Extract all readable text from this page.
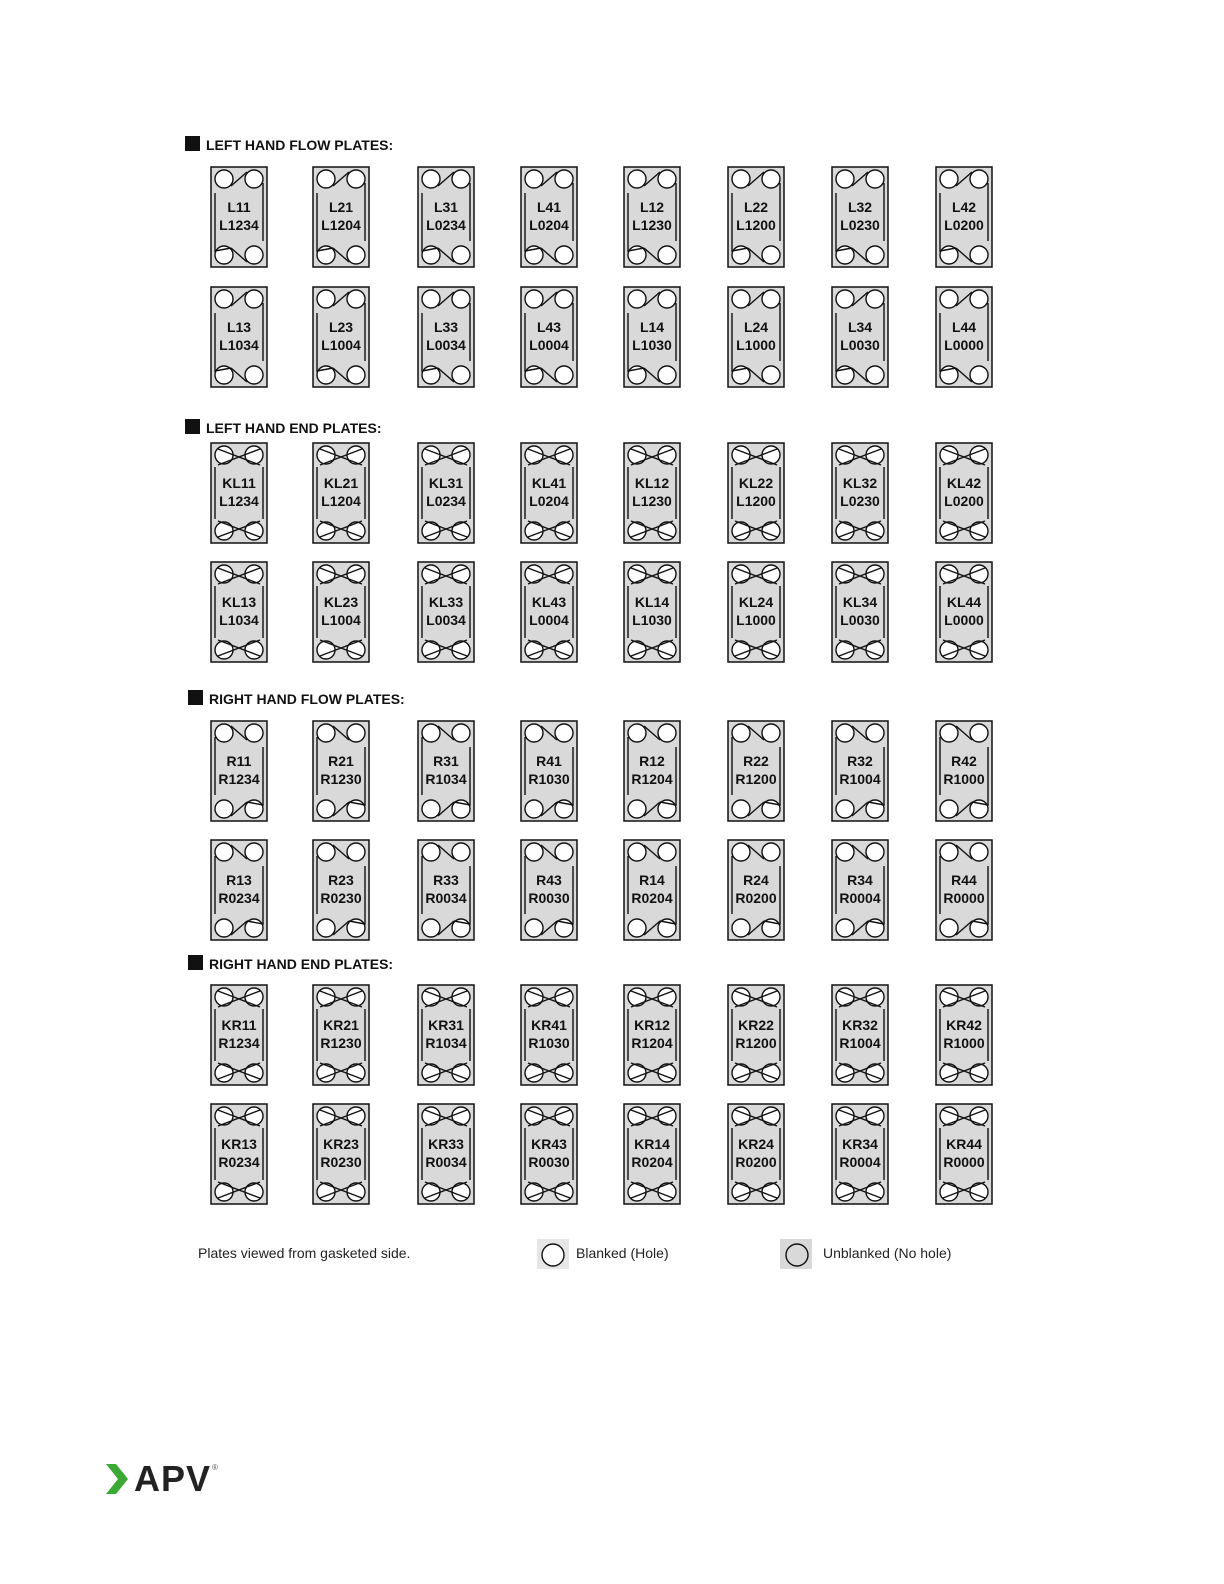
LEFT HAND FLOW PLATES:
L11
L1234
L21
L1204
L31
L0234
L41
L0204
L12
L1230
L22
L1200
L32
L0230
L42
L0200
L13
L1034
L23
L1004
L33
L0034
L43
L0004
L14
L1030
L24
L1000
L34
L0030
L44
L0000
LEFT HAND END PLATES:
KL11
L1234
KL21
L1204
KL31
L0234
KL41
L0204
KL12
L1230
KL22
L1200
KL32
L0230
KL42
L0200
KL13
L1034
KL23
L1004
KL33
L0034
KL43
L0004
KL14
L1030
KL24
L1000
KL34
L0030
KL44
L0000
RIGHT HAND FLOW PLATES:
R11
R1234
R21
R1230
R31
R1034
R41
R1030
R12
R1204
R22
R1200
R32
R1004
R42
R1000
R13
R0234
R23
R0230
R33
R0034
R43
R0030
R14
R0204
R24
R0200
R34
R0004
R44
R0000
RIGHT HAND END PLATES:
KR11
R1234
KR21
R1230
KR31
R1034
KR41
R1030
KR12
R1204
KR22
R1200
KR32
R1004
KR42
R1000
KR13
R0234
KR23
R0230
KR33
R0034
KR43
R0030
KR14
R0204
KR24
R0200
KR34
R0004
KR44
R0000
Plates viewed from gasketed side.	Blanked (Hole)	Unblanked (No hole)
APV ®
